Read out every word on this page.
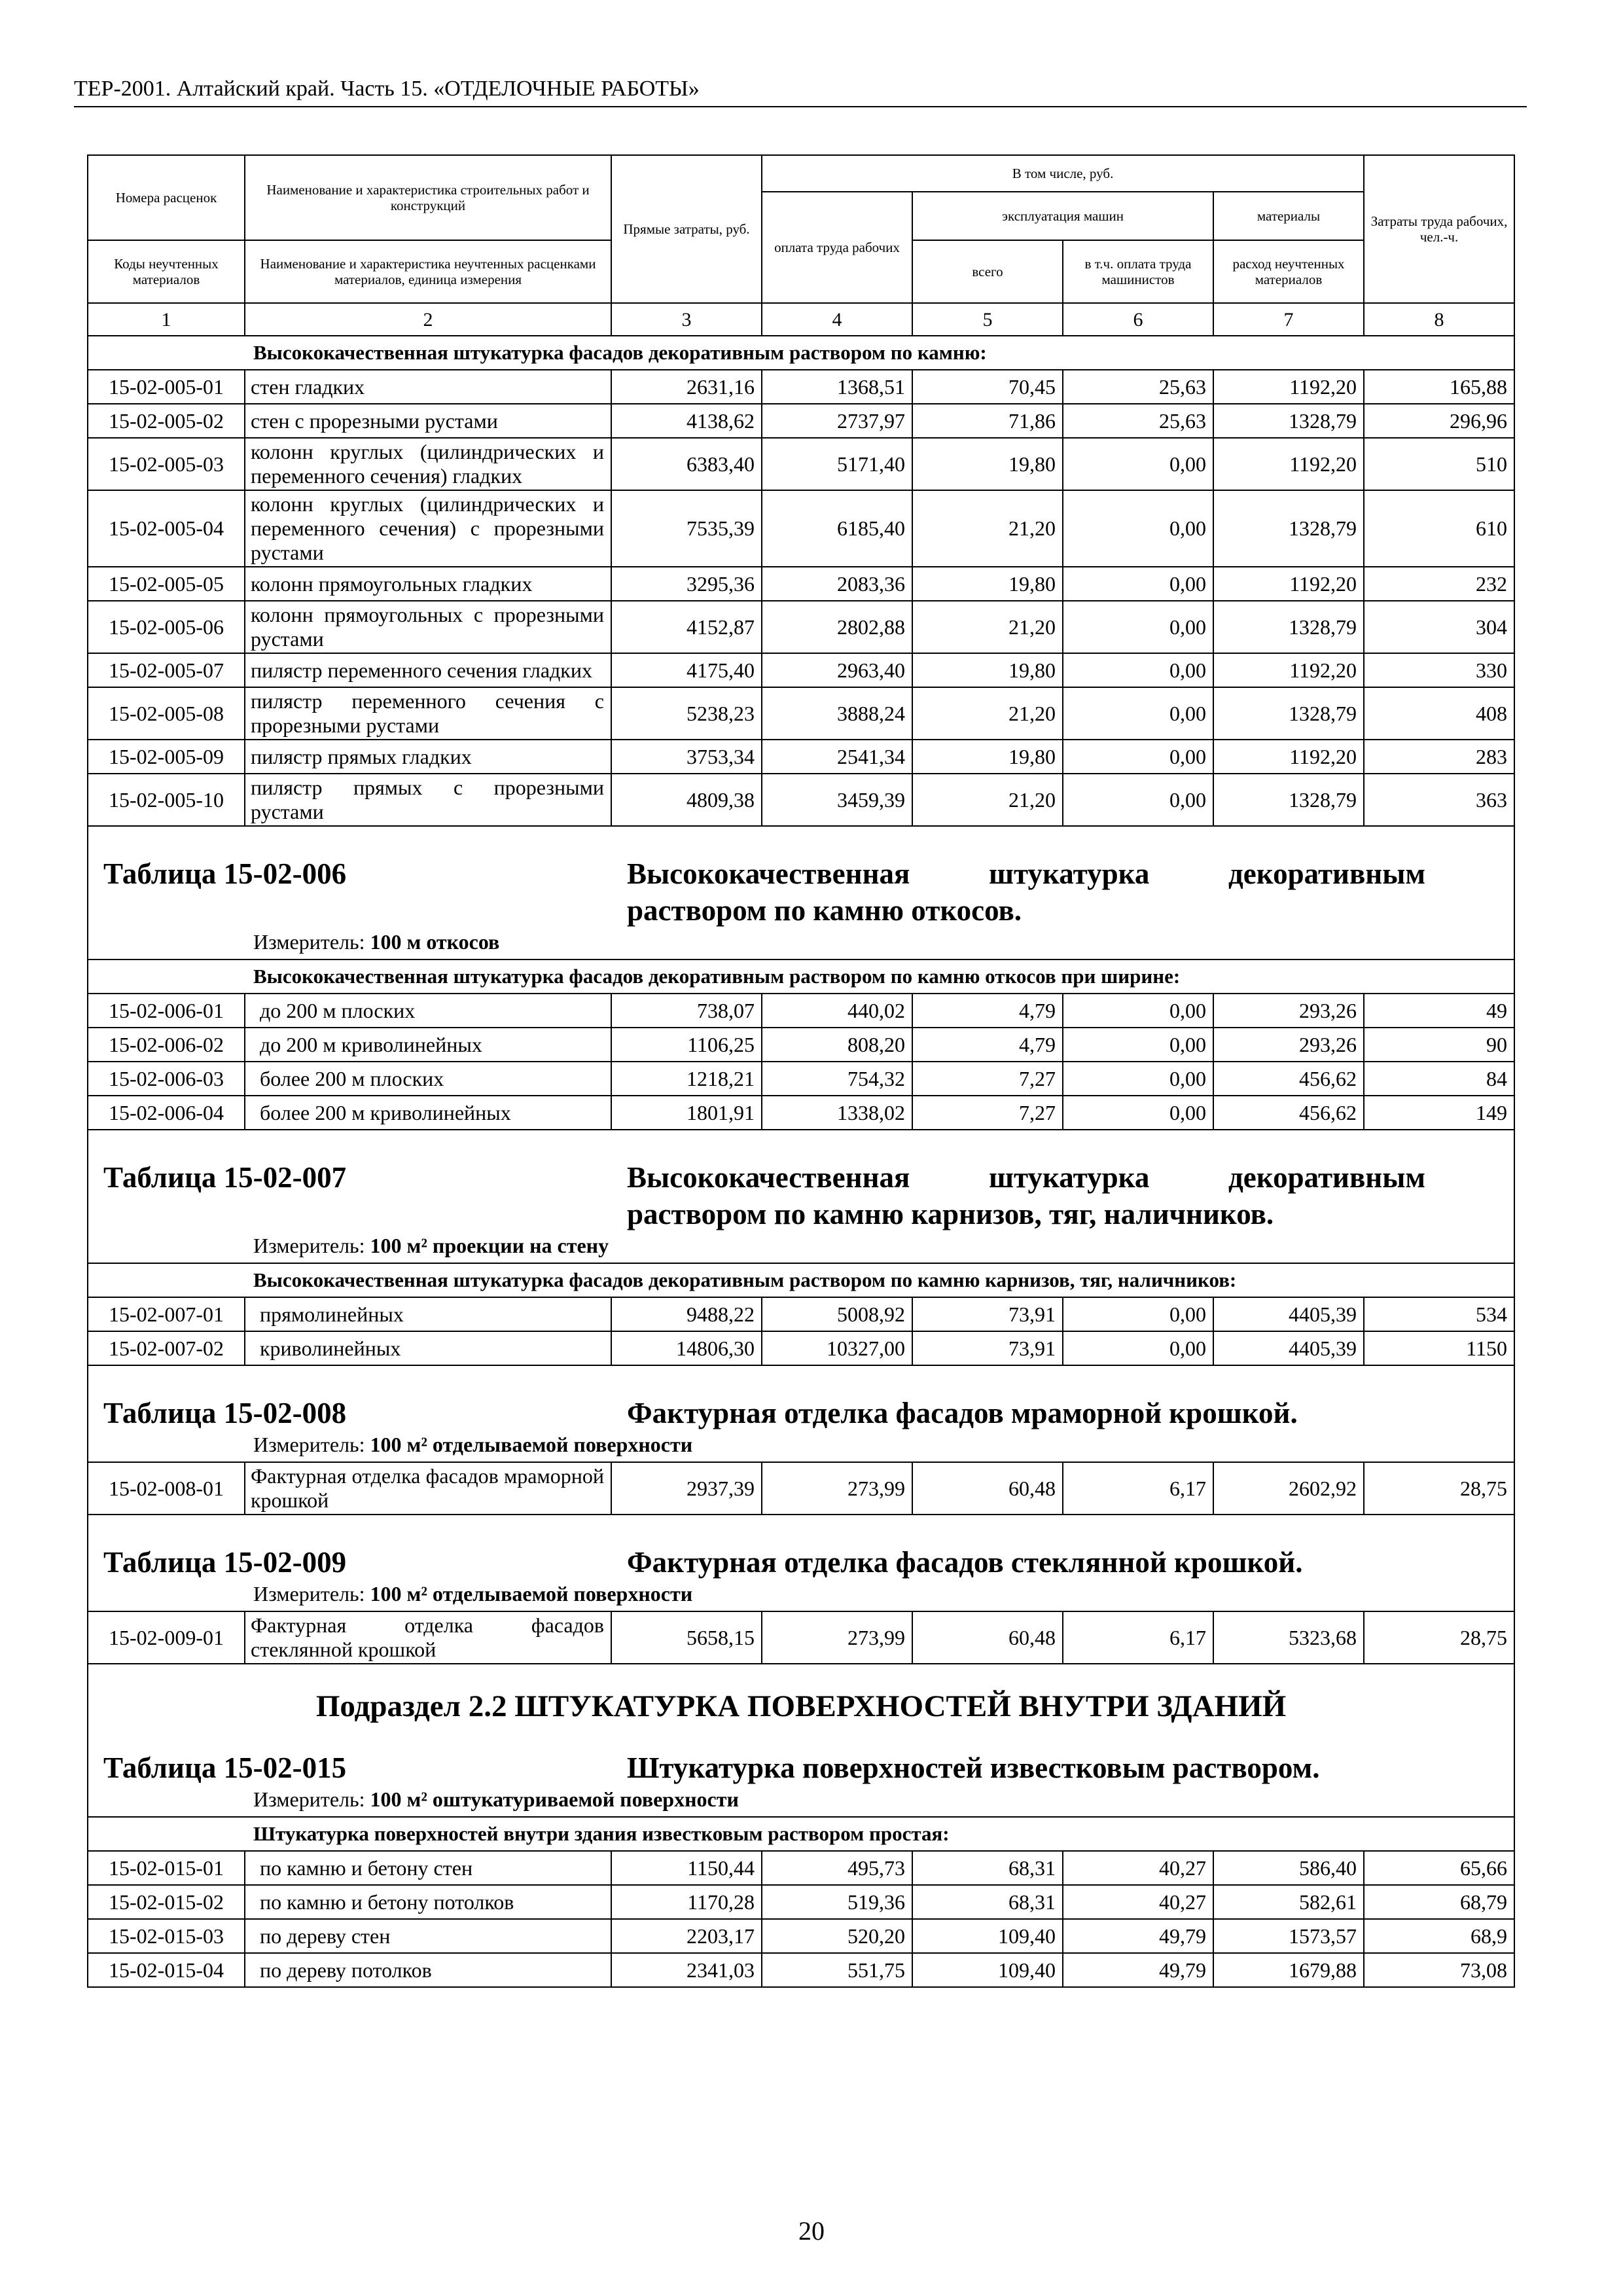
ТЕР-2001. Алтайский край. Часть 15. «ОТДЕЛОЧНЫЕ РАБОТЫ»
Номера расценок	Наименование и характеристика строительных работ и конструкций	Прямые затраты, руб.	В том числе, руб.				Затраты труда рабочих, чел.-ч.
			оплата труда рабочих	эксплуатация машин		материалы	
Коды неучтенных материалов	Наименование и характеристика неучтенных расценками материалов, единица измерения			всего	в т.ч. оплата труда машинистов	расход неучтенных материалов	
1	2	3	4	5	6	7	8
Высококачественная штукатурка фасадов декоративным раствором по камню:							
15-02-005-01	стен гладких	2631,16	1368,51	70,45	25,63	1192,20	165,88
15-02-005-02	стен с прорезными рустами	4138,62	2737,97	71,86	25,63	1328,79	296,96
15-02-005-03	колонн круглых (цилиндрических и переменного сечения) гладких	6383,40	5171,40	19,80	0,00	1192,20	510
15-02-005-04	колонн круглых (цилиндрических и переменного сечения) с прорезными рустами	7535,39	6185,40	21,20	0,00	1328,79	610
15-02-005-05	колонн прямоугольных гладких	3295,36	2083,36	19,80	0,00	1192,20	232
15-02-005-06	колонн прямоугольных с прорезными рустами	4152,87	2802,88	21,20	0,00	1328,79	304
15-02-005-07	пилястр переменного сечения гладких	4175,40	2963,40	19,80	0,00	1192,20	330
15-02-005-08	пилястр переменного сечения с прорезными рустами	5238,23	3888,24	21,20	0,00	1328,79	408
15-02-005-09	пилястр прямых гладких	3753,34	2541,34	19,80	0,00	1192,20	283
15-02-005-10	пилястр прямых с прорезными рустами	4809,38	3459,39	21,20	0,00	1328,79	363

Таблица 15-02-006 Высококачественная штукатурка декоративным раствором по камню откосов.
Измеритель: 100 м откосов							

Высококачественная штукатурка фасадов декоративным раствором по камню откосов при ширине:							
15-02-006-01	до 200 м плоских	738,07	440,02	4,79	0,00	293,26	49
15-02-006-02	до 200 м криволинейных	1106,25	808,20	4,79	0,00	293,26	90
15-02-006-03	более 200 м плоских	1218,21	754,32	7,27	0,00	456,62	84
15-02-006-04	более 200 м криволинейных	1801,91	1338,02	7,27	0,00	456,62	149

Таблица 15-02-007 Высококачественная штукатурка декоративным раствором по камню карнизов, тяг, наличников.
Измеритель: 100 м² проекции на стену							

Высококачественная штукатурка фасадов декоративным раствором по камню карнизов, тяг, наличников:							
15-02-007-01	прямолинейных	9488,22	5008,92	73,91	0,00	4405,39	534
15-02-007-02	криволинейных	14806,30	10327,00	73,91	0,00	4405,39	1150

Таблица 15-02-008 Фактурная отделка фасадов мраморной крошкой.
Измеритель: 100 м² отделываемой поверхности							

15-02-008-01	Фактурная отделка фасадов мраморной крошкой	2937,39	273,99	60,48	6,17	2602,92	28,75

Таблица 15-02-009 Фактурная отделка фасадов стеклянной крошкой.
Измеритель: 100 м² отделываемой поверхности							

15-02-009-01	Фактурная отделка фасадов стеклянной крошкой	5658,15	273,99	60,48	6,17	5323,68	28,75

Подраздел 2.2 ШТУКАТУРКА ПОВЕРХНОСТЕЙ ВНУТРИ ЗДАНИЙ
Таблица 15-02-015 Штукатурка поверхностей известковым раствором.
Измеритель: 100 м² оштукатуриваемой поверхности							

Штукатурка поверхностей внутри здания известковым раствором простая:							
15-02-015-01	по камню и бетону стен	1150,44	495,73	68,31	40,27	586,40	65,66
15-02-015-02	по камню и бетону потолков	1170,28	519,36	68,31	40,27	582,61	68,79
15-02-015-03	по дереву стен	2203,17	520,20	109,40	49,79	1573,57	68,9
15-02-015-04	по дереву потолков	2341,03	551,75	109,40	49,79	1679,88	73,08
20
